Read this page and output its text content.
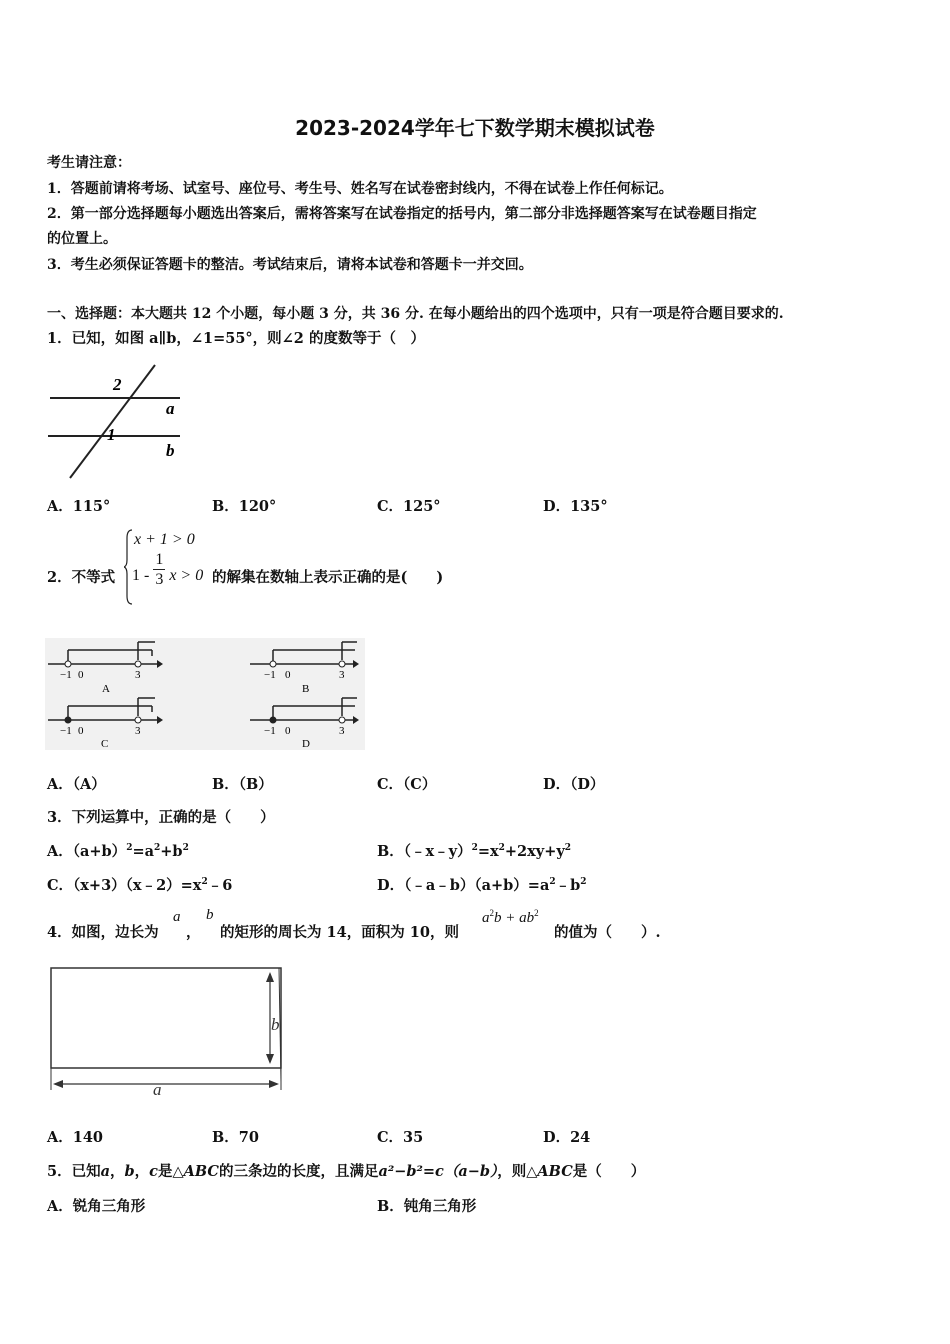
2023-2024学年七下数学期末模拟试卷
考生请注意：
1．答题前请将考场、试室号、座位号、考生号、姓名写在试卷密封线内，不得在试卷上作任何标记。
2．第一部分选择题每小题选出答案后，需将答案写在试卷指定的括号内，第二部分非选择题答案写在试卷题目指定
的位置上。
3．考生必须保证答题卡的整洁。考试结束后，请将本试卷和答题卡一并交回。
一、选择题：本大题共 12 个小题，每小题 3 分，共 36 分. 在每小题给出的四个选项中，只有一项是符合题目要求的.
1．已知，如图 a∥b，∠1=55°，则∠2 的度数等于（　）
2
1
a
b
A．115°	B．120°	C．125°	D．135°
2．不等式
x + 1 > 0
$1 - \frac{1}{3}$ x > 0 的解集在数轴上表示正确的是(　　)
−1 0	3
A
−1 0	3
B
−1 0	3
C
−1 0	3
D
A．（A）	B．（B）	C．（C）	D．（D）
3．下列运算中，正确的是（　　）
A．$(a+b)^2=a^2+b^2$	B．$(﹣x﹣y)^2=x^2+2xy+y^2$
C．$(x+3)(x﹣2)=x^2﹣6$	D．$(﹣a﹣b)(a+b)=a^2﹣b^2$
4．如图，边长为
a
，
b
的矩形的周长为 14，面积为 10，则
$a^2b + ab^2$
的值为（　　）.
b
a
A．140	B．70	C．35	D．24
5．已知a，b，c是△ABC的三条边的长度，且满足a²−b²=c（a−b），则△ABC是（　　）
A．锐角三角形	B．钝角三角形
